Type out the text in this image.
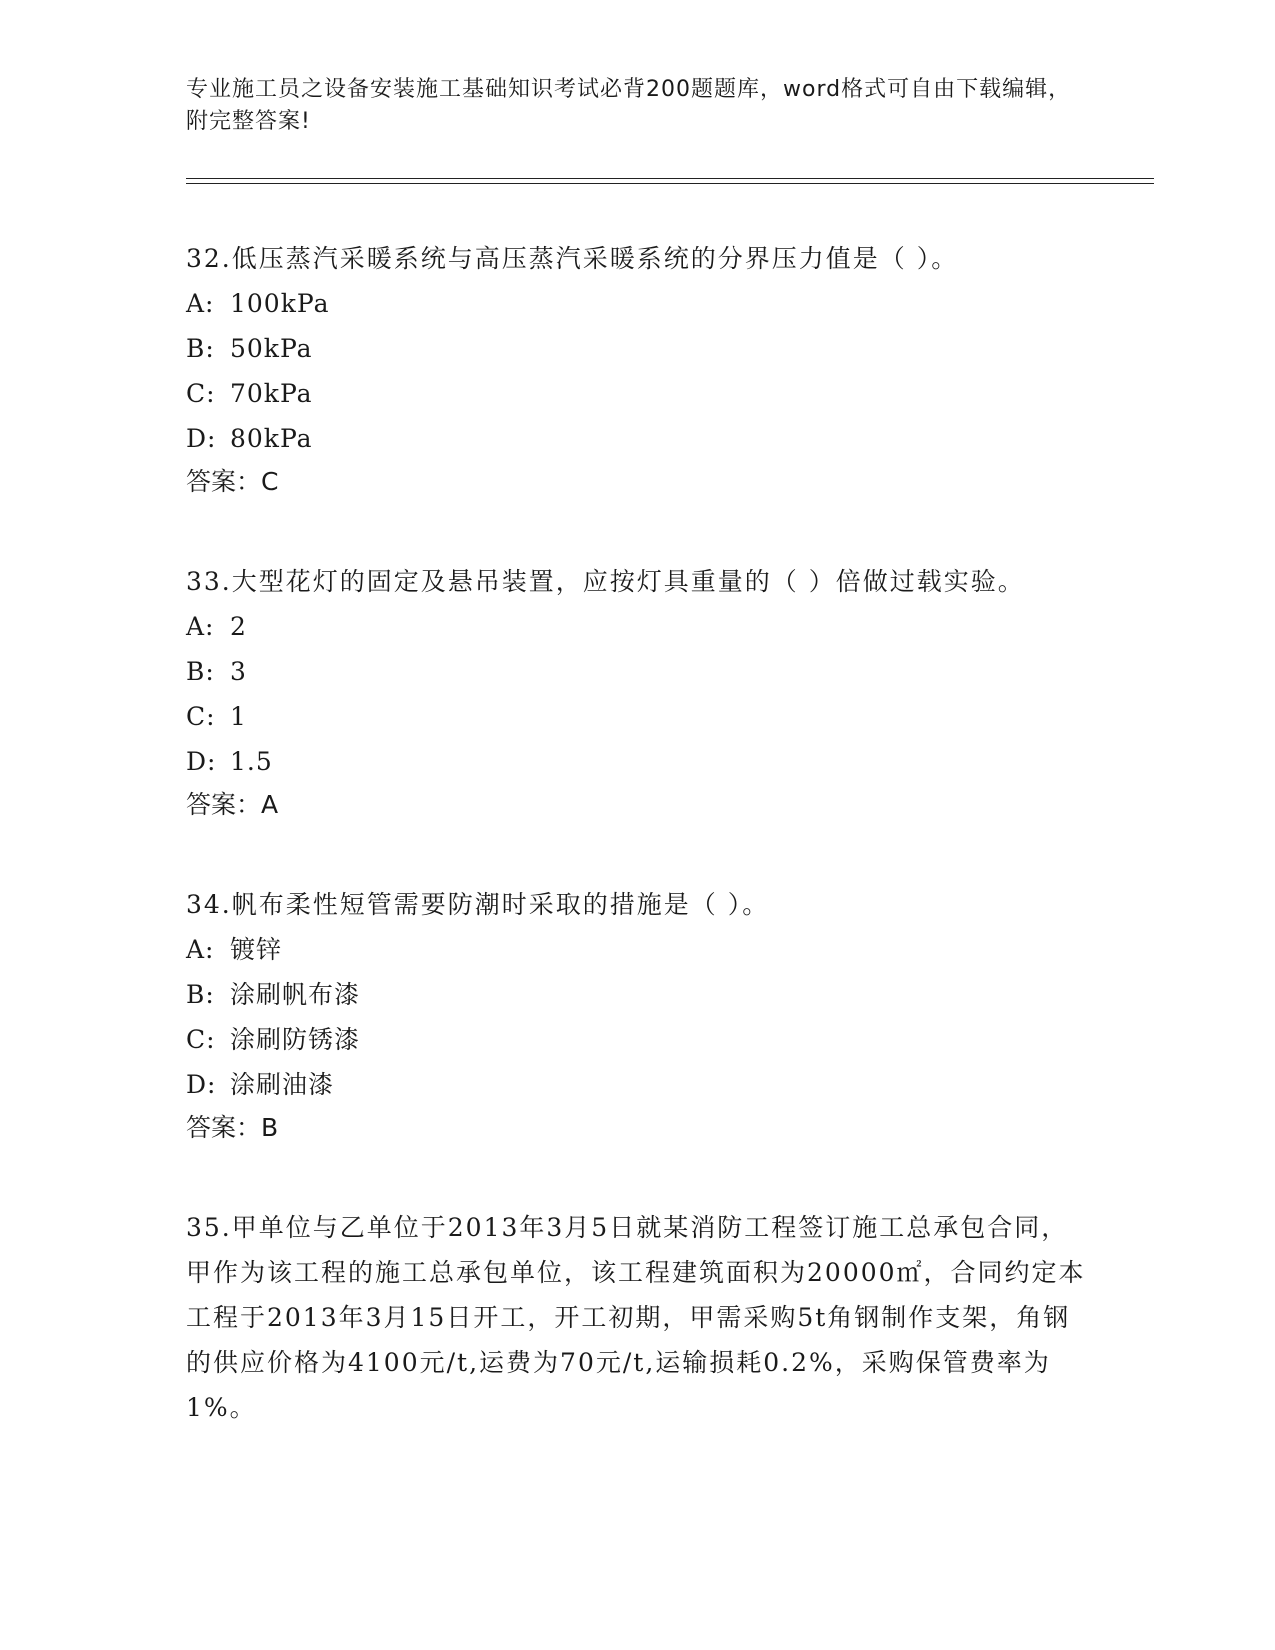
专业施工员之设备安装施工基础知识考试必背200题题库，word格式可自由下载编辑，附完整答案!

32.低压蒸汽采暖系统与高压蒸汽采暖系统的分界压力值是（ ）。

A: 100kPa

B: 50kPa

C: 70kPa

D: 80kPa

答案：C

33.大型花灯的固定及悬吊装置，应按灯具重量的（ ）倍做过载实验。

A: 2

B: 3

C: 1

D: 1.5

答案：A

34.帆布柔性短管需要防潮时采取的措施是（ ）。

A: 镀锌

B: 涂刷帆布漆

C: 涂刷防锈漆

D: 涂刷油漆

答案：B

35.甲单位与乙单位于2013年3月5日就某消防工程签订施工总承包合同，甲作为该工程的施工总承包单位，该工程建筑面积为20000㎡，合同约定本工程于2013年3月15日开工，开工初期，甲需采购5t角钢制作支架，角钢的供应价格为4100元/t,运费为70元/t,运输损耗0.2%，采购保管费率为1%。
